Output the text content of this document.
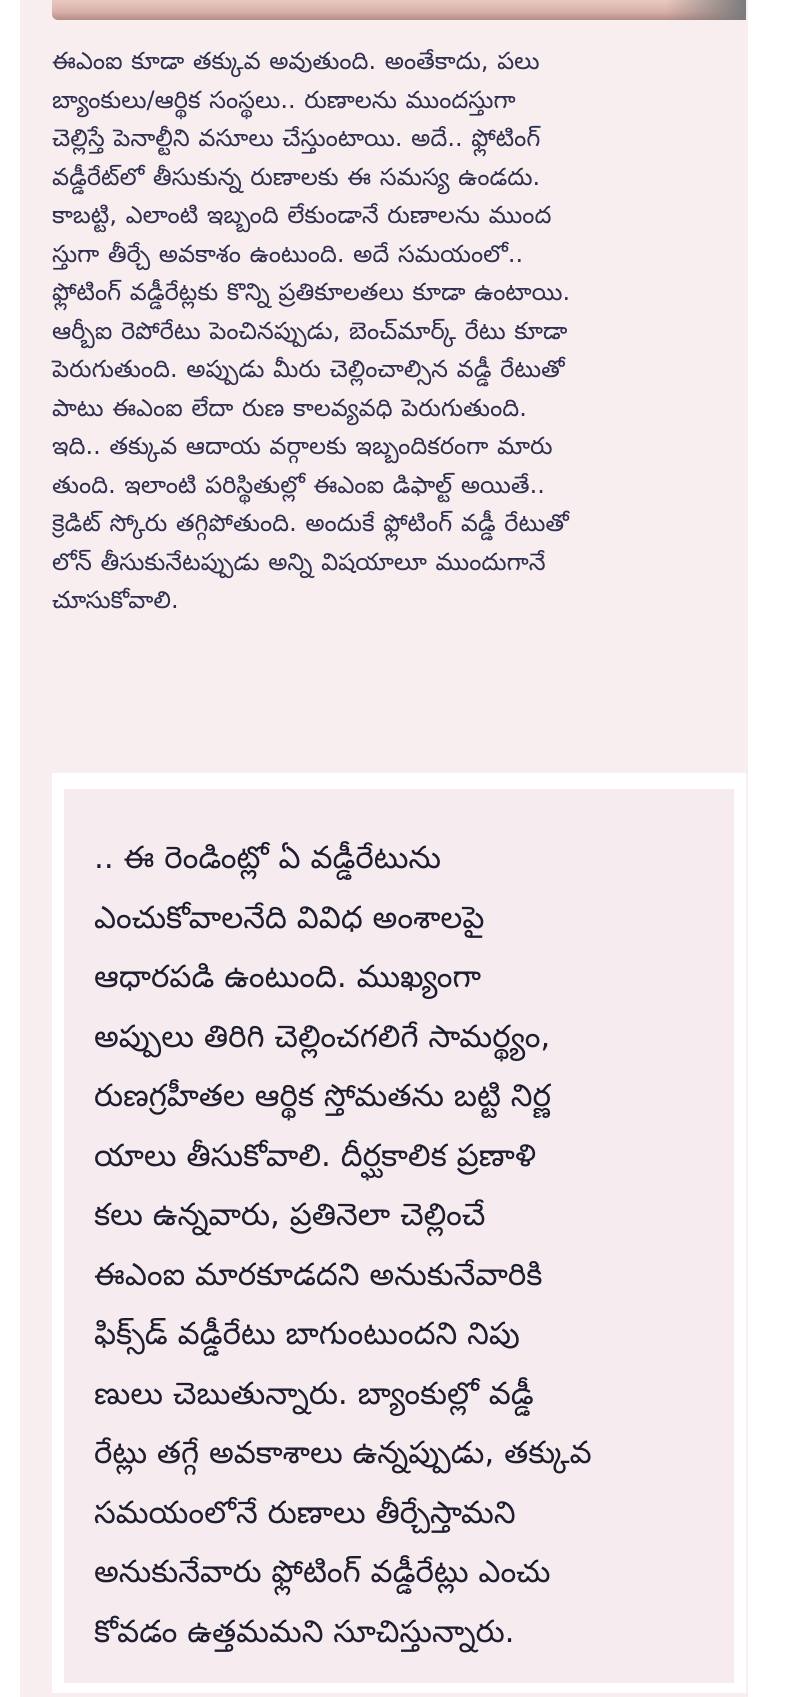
ఈఎంఐ కూడా తక్కువ అవుతుంది. అంతేకాదు, పలు
బ్యాంకులు/ఆర్థిక సంస్థలు.. రుణాలను ముందస్తుగా
చెల్లిస్తే పెనాల్టీని వసూలు చేస్తుంటాయి. అదే.. ఫ్లోటింగ్
వడ్డీరేట్‌లో తీసుకున్న రుణాలకు ఈ సమస్య ఉండదు.
కాబట్టి, ఎలాంటి ఇబ్బంది లేకుండానే రుణాలను ముంద
స్తుగా తీర్చే అవకాశం ఉంటుంది. అదే సమయంలో..
ఫ్లోటింగ్ వడ్డీరేట్లకు కొన్ని ప్రతికూలతలు కూడా ఉంటాయి.
ఆర్బీఐ రెపోరేటు పెంచినప్పుడు, బెంచ్‌మార్క్ రేటు కూడా
పెరుగుతుంది. అప్పుడు మీరు చెల్లించాల్సిన వడ్డీ రేటుతో
పాటు ఈఎంఐ లేదా రుణ కాలవ్యవధి పెరుగుతుంది.
ఇది.. తక్కువ ఆదాయ వర్గాలకు ఇబ్బందికరంగా మారు
తుంది. ఇలాంటి పరిస్థితుల్లో ఈఎంఐ డిఫాల్ట్ అయితే..
క్రెడిట్ స్కోరు తగ్గిపోతుంది. అందుకే ఫ్లోటింగ్ వడ్డీ రేటుతో
లోన్ తీసుకునేటప్పుడు అన్ని విషయాలూ ముందుగానే
చూసుకోవాలి.

.. ఈ రెండింట్లో ఏ వడ్డీరేటును
ఎంచుకోవాలనేది వివిధ అంశాలపై
ఆధారపడి ఉంటుంది. ముఖ్యంగా
అప్పులు తిరిగి చెల్లించగలిగే సామర్థ్యం,
రుణగ్రహీతల ఆర్థిక స్తోమతను బట్టి నిర్ణ
యాలు తీసుకోవాలి. దీర్ఘకాలిక ప్రణాళి
కలు ఉన్నవారు, ప్రతినెలా చెల్లించే
ఈఎంఐ మారకూడదని అనుకునేవారికి
ఫిక్స్‌డ్ వడ్డీరేటు బాగుంటుందని నిపు
ణులు చెబుతున్నారు. బ్యాంకుల్లో వడ్డీ
రేట్లు తగ్గే అవకాశాలు ఉన్నప్పుడు, తక్కువ
సమయంలోనే రుణాలు తీర్చేస్తామని
అనుకునేవారు ఫ్లోటింగ్ వడ్డీరేట్లు ఎంచు
కోవడం ఉత్తమమని సూచిస్తున్నారు.
